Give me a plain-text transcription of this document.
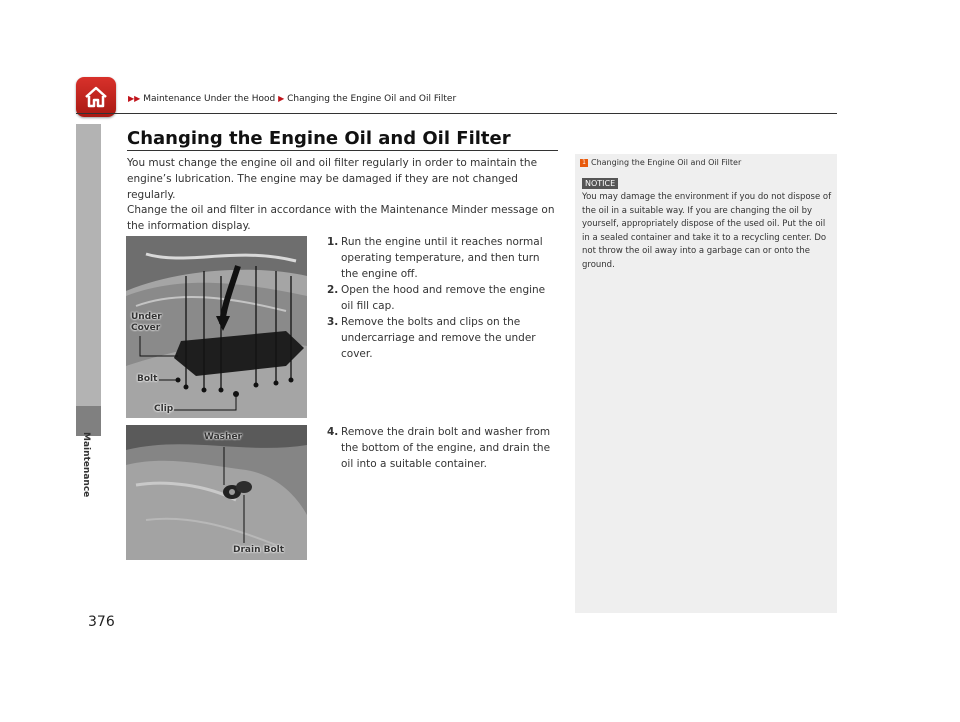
▶▶ Maintenance Under the Hood ▶ Changing the Engine Oil and Oil Filter
Maintenance
376
Changing the Engine Oil and Oil Filter

You must change the engine oil and oil filter regularly in order to maintain the engine’s lubrication. The engine may be damaged if they are not changed regularly.

Change the oil and filter in accordance with the Maintenance Minder message on the information display.

Under
Cover
Bolt
Clip
Washer
Drain Bolt
1. Run the engine until it reaches normal operating temperature, and then turn the engine off.
2. Open the hood and remove the engine oil fill cap.
3. Remove the bolts and clips on the undercarriage and remove the under cover.
4. Remove the drain bolt and washer from the bottom of the engine, and drain the oil into a suitable container.
1 Changing the Engine Oil and Oil Filter
NOTICE

You may damage the environment if you do not dispose of the oil in a suitable way. If you are changing the oil by yourself, appropriately dispose of the used oil. Put the oil in a sealed container and take it to a recycling center. Do not throw the oil away into a garbage can or onto the ground.
